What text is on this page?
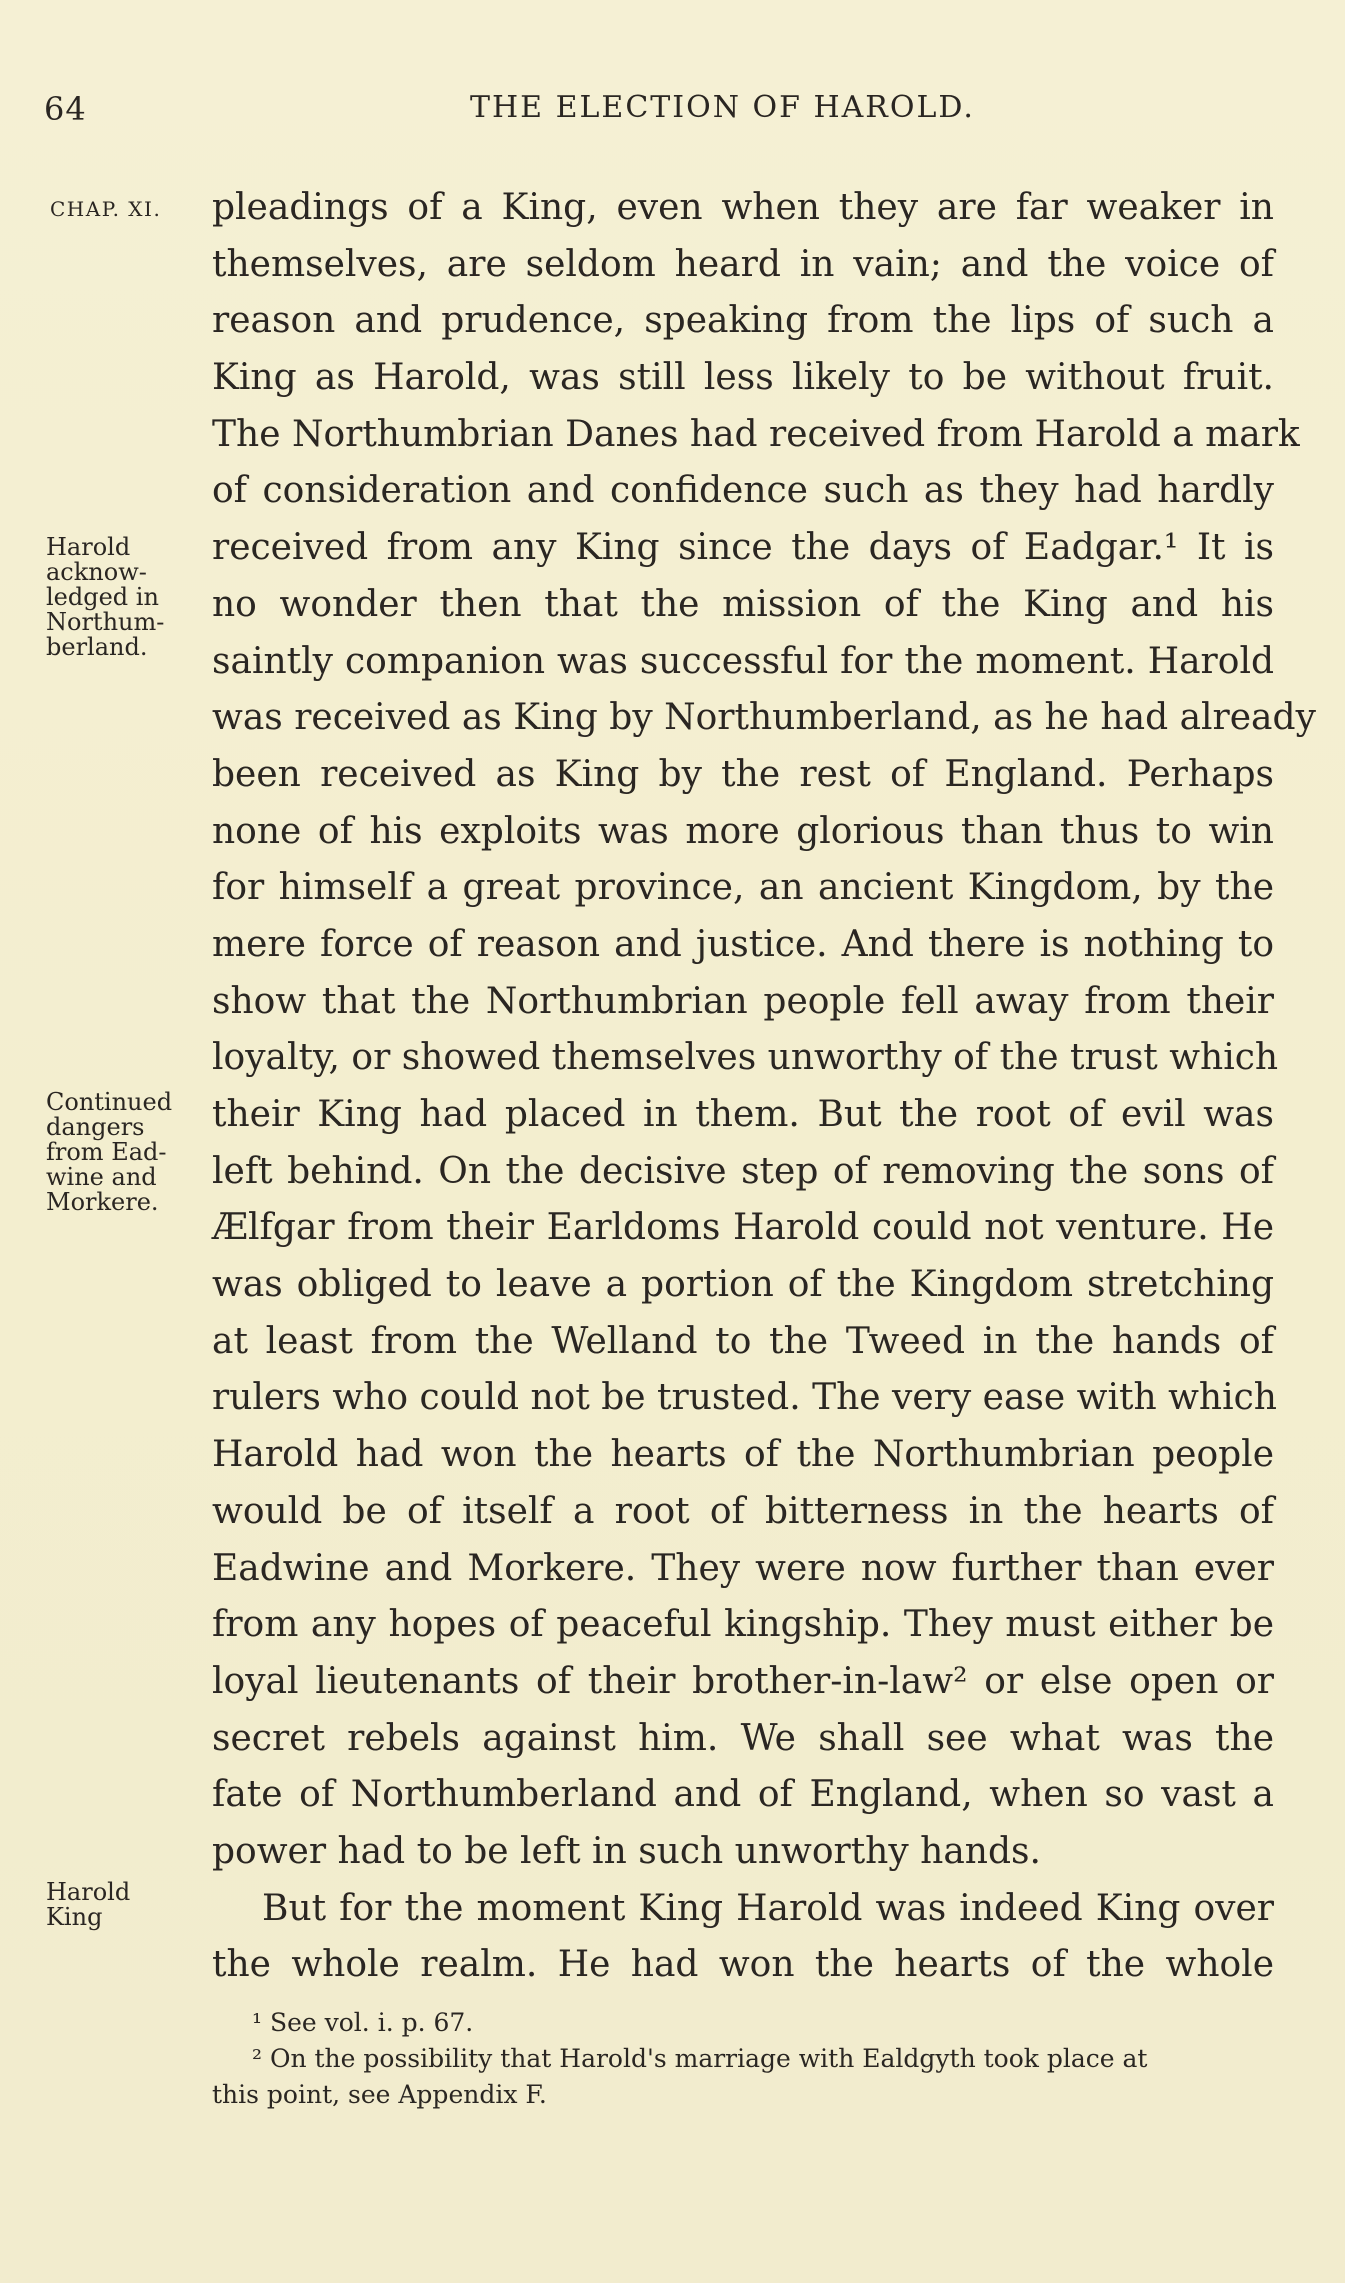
64	THE ELECTION OF HAROLD.
CHAP. XI.
Harold
acknow-
ledged in
Northum-
berland.
Continued
dangers
from Ead-
wine and
Morkere.
Harold
King
pleadings of a King, even when they are far weaker in
themselves, are seldom heard in vain; and the voice of
reason and prudence, speaking from the lips of such a
King as Harold, was still less likely to be without fruit.
The Northumbrian Danes had received from Harold a mark
of consideration and confidence such as they had hardly
received from any King since the days of Eadgar.¹ It is
no wonder then that the mission of the King and his
saintly companion was successful for the moment. Harold
was received as King by Northumberland, as he had already
been received as King by the rest of England. Perhaps
none of his exploits was more glorious than thus to win
for himself a great province, an ancient Kingdom, by the
mere force of reason and justice. And there is nothing to
show that the Northumbrian people fell away from their
loyalty, or showed themselves unworthy of the trust which
their King had placed in them. But the root of evil was
left behind. On the decisive step of removing the sons of
Ælfgar from their Earldoms Harold could not venture. He
was obliged to leave a portion of the Kingdom stretching
at least from the Welland to the Tweed in the hands of
rulers who could not be trusted. The very ease with which
Harold had won the hearts of the Northumbrian people
would be of itself a root of bitterness in the hearts of
Eadwine and Morkere. They were now further than ever
from any hopes of peaceful kingship. They must either be
loyal lieutenants of their brother-in-law² or else open or
secret rebels against him. We shall see what was the
fate of Northumberland and of England, when so vast a
power had to be left in such unworthy hands.
But for the moment King Harold was indeed King over
the whole realm. He had won the hearts of the whole
¹ See vol. i. p. 67.
² On the possibility that Harold's marriage with Ealdgyth took place at
this point, see Appendix F.
